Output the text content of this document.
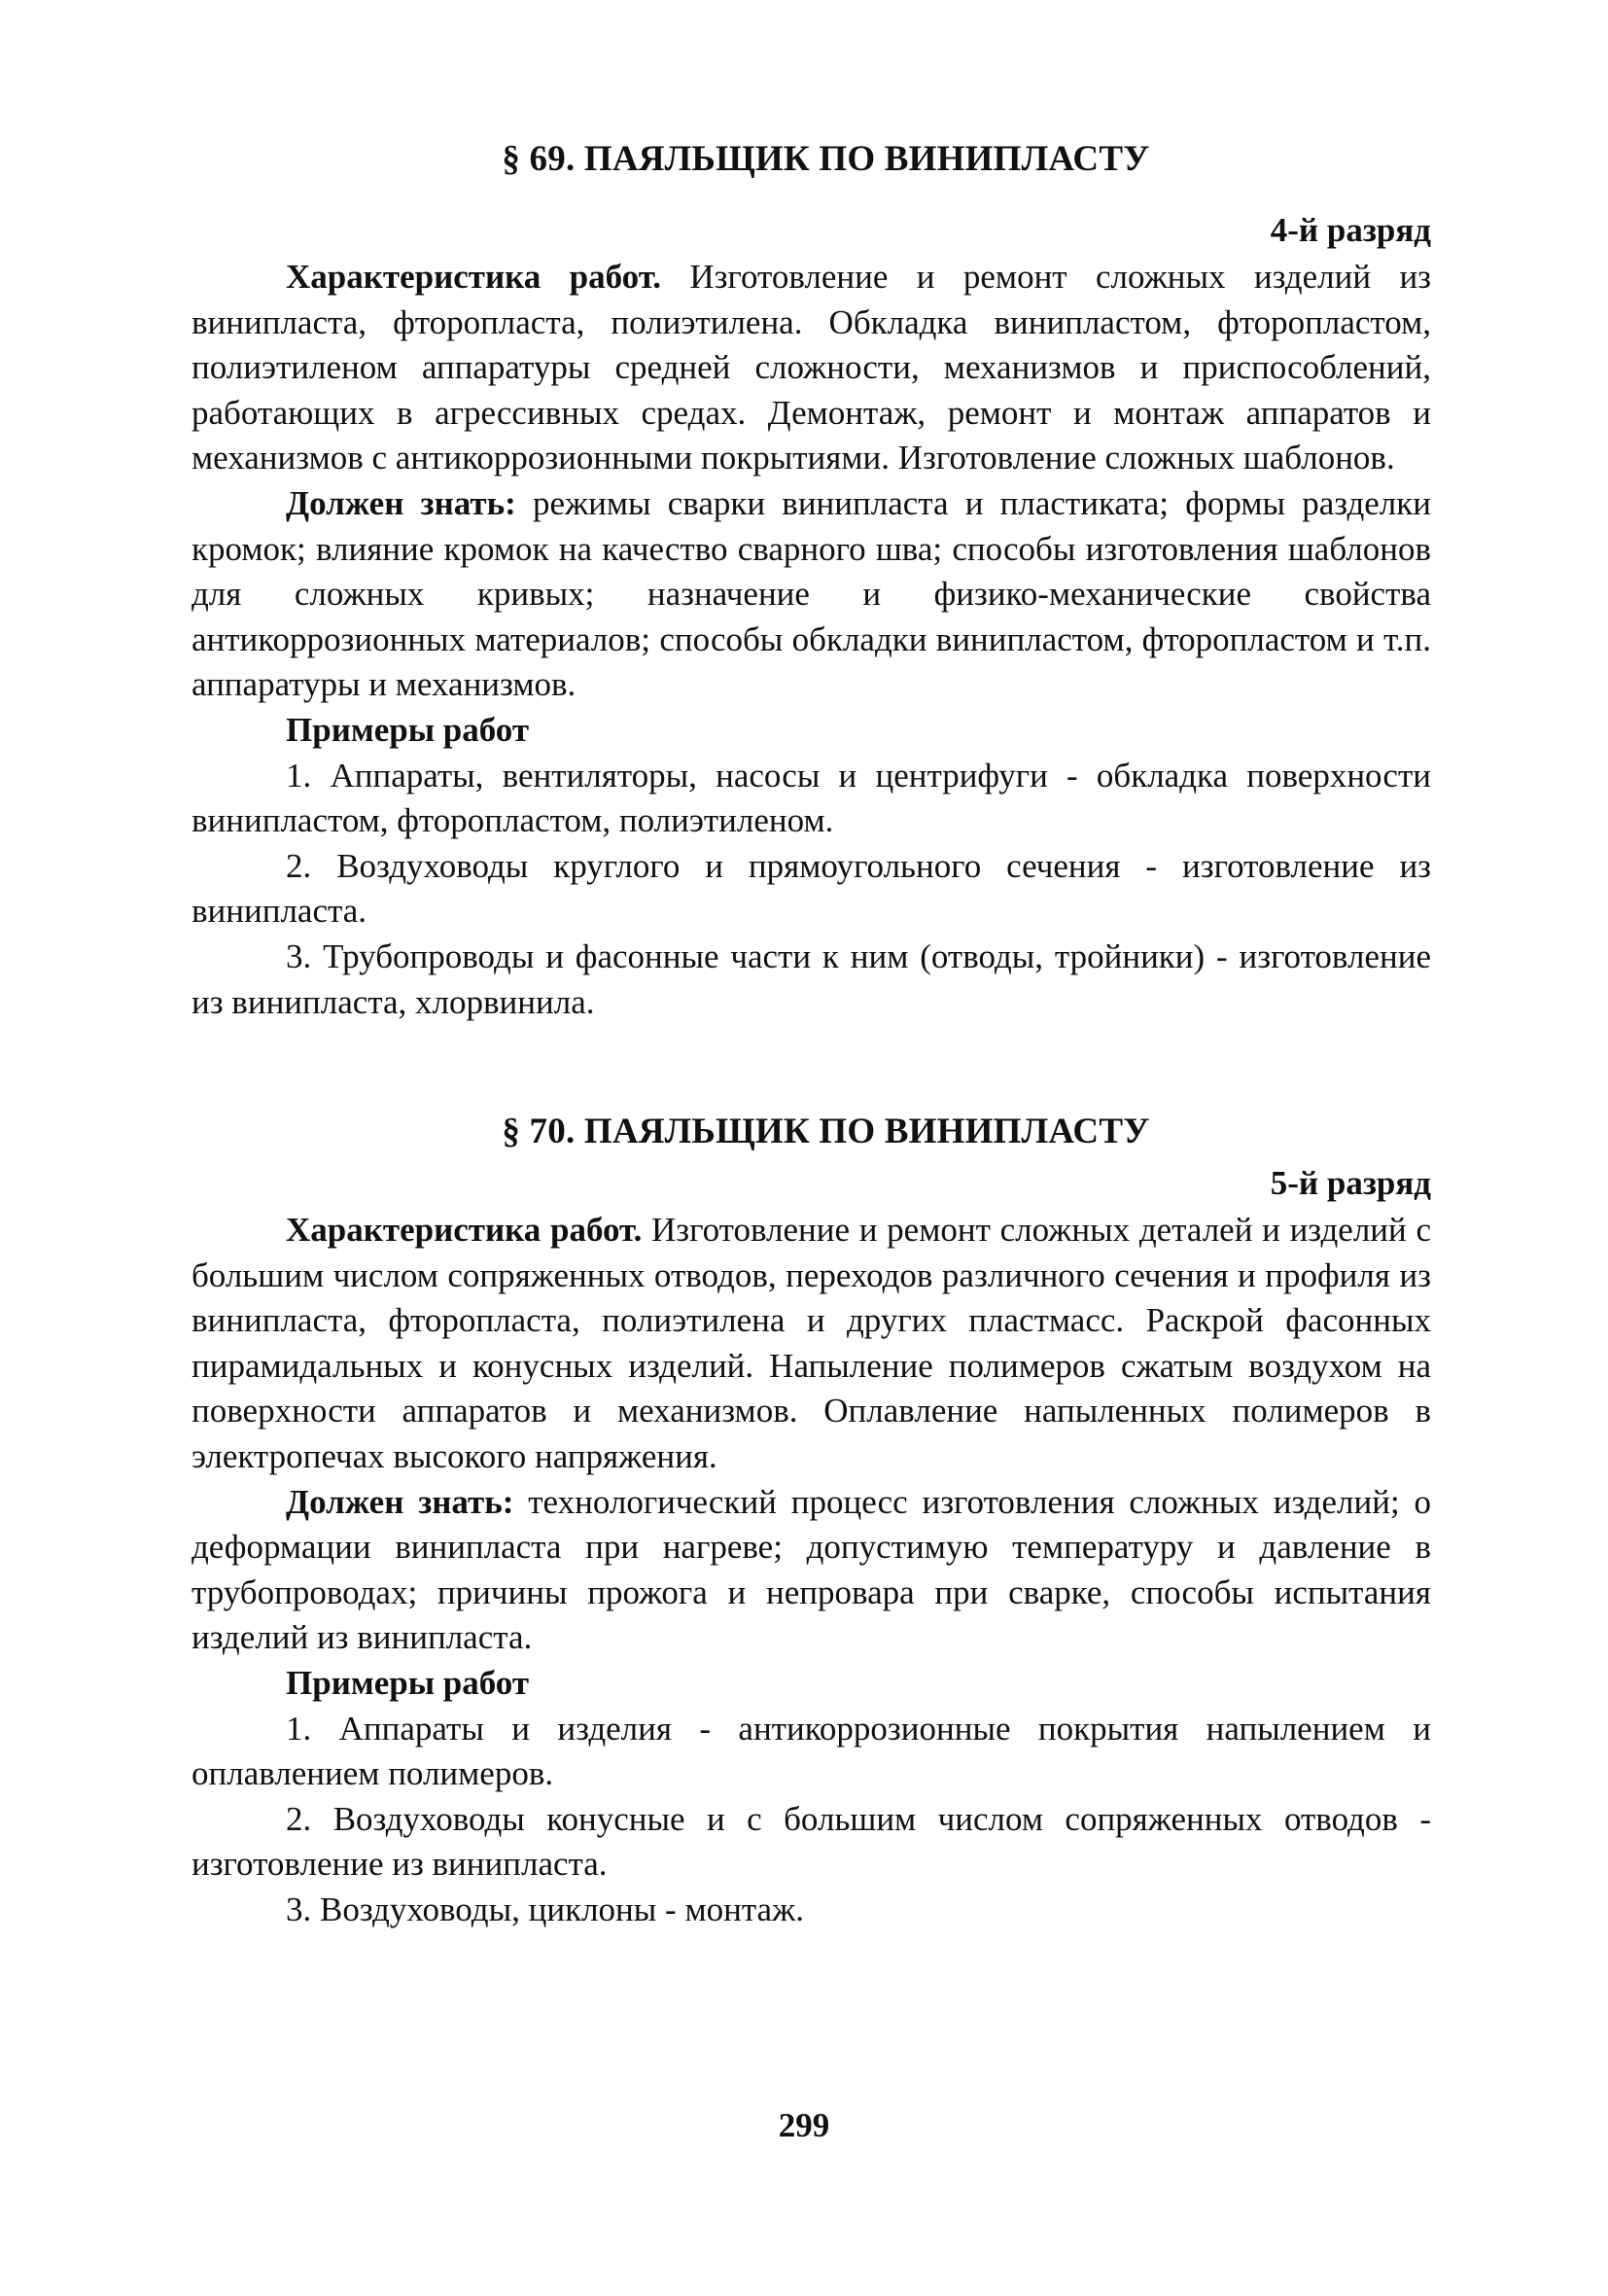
§ 69. ПАЯЛЬЩИК ПО ВИНИПЛАСТУ
4-й разряд

Характеристика работ. Изготовление и ремонт сложных изделий из винипласта, фторопласта, полиэтилена. Обкладка винипластом, фторопластом, полиэтиленом аппаратуры средней сложности, механизмов и приспособлений, работающих в агрессивных средах. Демонтаж, ремонт и монтаж аппаратов и механизмов с антикоррозионными покрытиями. Изготовление сложных шаблонов.

Должен знать: режимы сварки винипласта и пластиката; формы разделки кромок; влияние кромок на качество сварного шва; способы изготовления шаблонов для сложных кривых; назначение и физико-механические свойства антикоррозионных материалов; способы обкладки винипластом, фторопластом и т.п. аппаратуры и механизмов.

Примеры работ

1. Аппараты, вентиляторы, насосы и центрифуги - обкладка поверхности винипластом, фторопластом, полиэтиленом.

2. Воздуховоды круглого и прямоугольного сечения - изготовление из винипласта.

3. Трубопроводы и фасонные части к ним (отводы, тройники) - изготовление из винипласта, хлорвинила.

§ 70. ПАЯЛЬЩИК ПО ВИНИПЛАСТУ
5-й разряд

Характеристика работ. Изготовление и ремонт сложных деталей и изделий с большим числом сопряженных отводов, переходов различного сечения и профиля из винипласта, фторопласта, полиэтилена и других пластмасс. Раскрой фасонных пирамидальных и конусных изделий. Напыление полимеров сжатым воздухом на поверхности аппаратов и механизмов. Оплавление напыленных полимеров в электропечах высокого напряжения.

Должен знать: технологический процесс изготовления сложных изделий; о деформации винипласта при нагреве; допустимую температуру и давление в трубопроводах; причины прожога и непровара при сварке, способы испытания изделий из винипласта.

Примеры работ

1. Аппараты и изделия - антикоррозионные покрытия напылением и оплавлением полимеров.

2. Воздуховоды конусные и с большим числом сопряженных отводов - изготовление из винипласта.

3. Воздуховоды, циклоны - монтаж.

299
